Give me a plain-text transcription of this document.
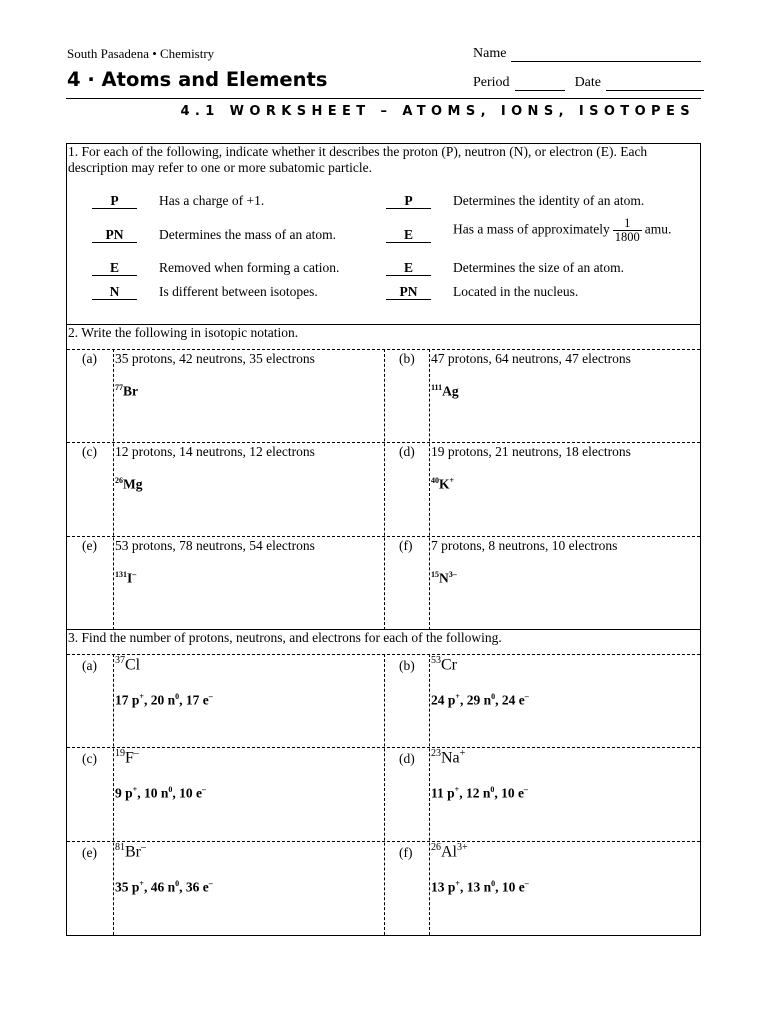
South Pasadena • Chemistry
4 · Atoms and Elements
Name
Period	Date
4.1 WORKSHEET – ATOMS, IONS, ISOTOPES
1. For each of the following, indicate whether it describes the proton (P), neutron (N), or electron (E). Each description may refer to one or more subatomic particle.
P	Has a charge of +1.	P	Determines the identity of an atom.
PN	Determines the mass of an atom.	E	Has a mass of approximately $\frac{1}{1800}$ amu.
E	Removed when forming a cation.	E	Determines the size of an atom.
N	Is different between isotopes.	PN	Located in the nucleus.
2. Write the following in isotopic notation.
(a) 35 protons, 42 neutrons, 35 electrons
$^{77}$Br
(b) 47 protons, 64 neutrons, 47 electrons
$^{111}$Ag
(c) 12 protons, 14 neutrons, 12 electrons
$^{26}$Mg
(d) 19 protons, 21 neutrons, 18 electrons
$^{40}$K+
(e) 53 protons, 78 neutrons, 54 electrons
$^{131}$I–
(f) 7 protons, 8 neutrons, 10 electrons
$^{15}N^{3-}$
3. Find the number of protons, neutrons, and electrons for each of the following.
(a) $^{37}$Cl
17 p+, 20 $n^0$, 17 e–
(b) $^{53}$Cr
24 p+, 29 $n^0$, 24 e–
(c) $^{19}$F–
9 p+, 10 $n^0$, 10 e–
(d) $^{23}$Na+
11 p+, 12 $n^0$, 10 e–
(e) $^{81}$Br–
35 p+, 46 $n^0$, 36 e–
(f) $^{26}Al^{3+}$
13 p+, 13 $n^0$, 10 e–
